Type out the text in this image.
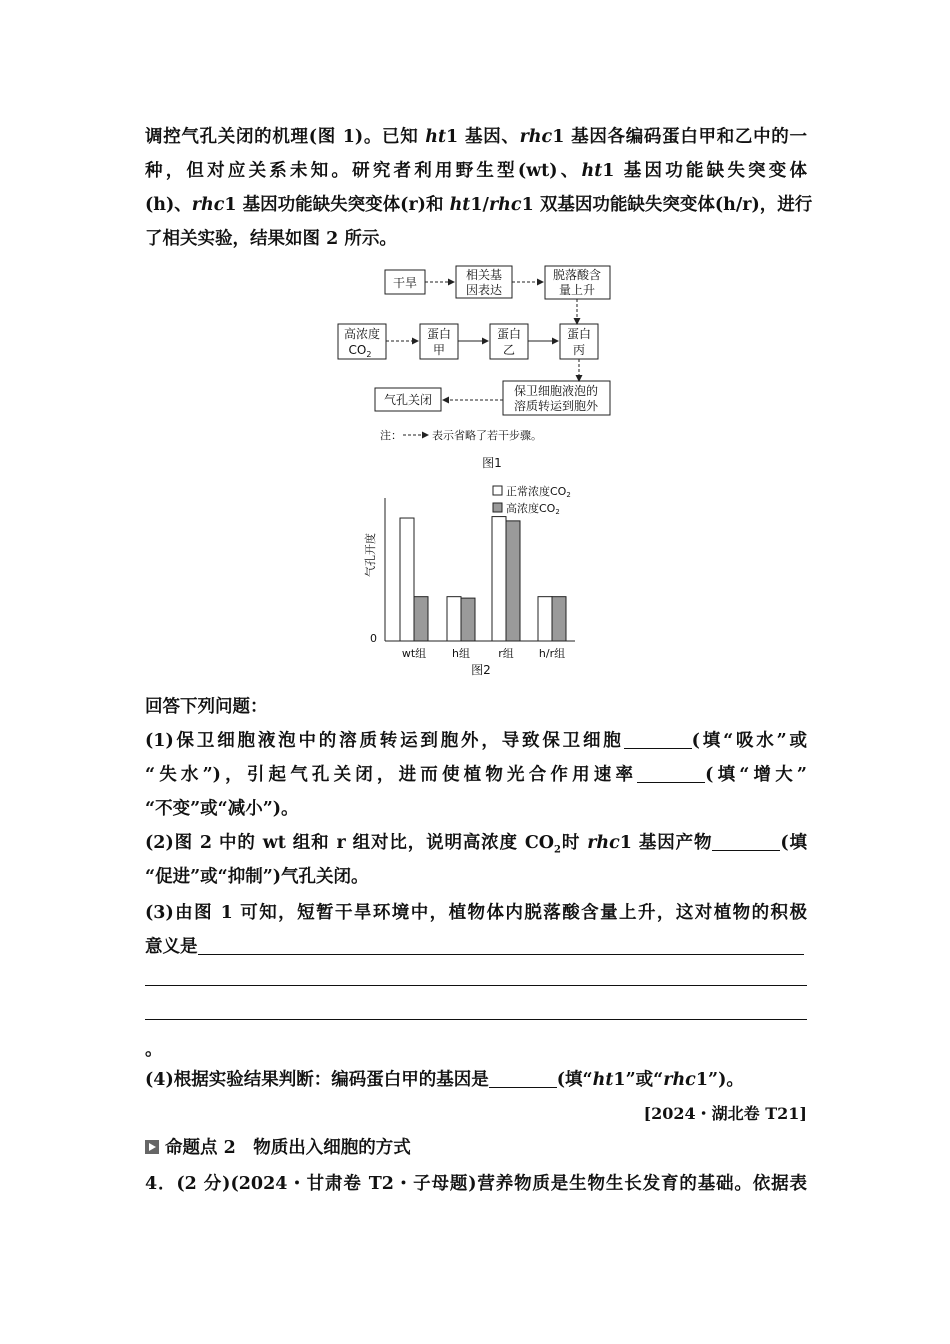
调控气孔关闭的机理(图 1)。已知 ht1 基因、rhc1 基因各编码蛋白甲和乙中的一
种，但对应关系未知。研究者利用野生型(wt)、ht1 基因功能缺失突变体
(h)、rhc1 基因功能缺失突变体(r)和 ht1/rhc1 双基因功能缺失突变体(h/r)，进行
了相关实验，结果如图 2 所示。
干旱
相关基
因表达
脱落酸含
量上升
高浓度
$CO_2$
蛋白
甲
蛋白
乙
蛋白
丙
保卫细胞液泡的
溶质转运到胞外
气孔关闭
注：	表示省略了若干步骤。
图1
0
气孔开度
正常浓度CO2
高浓度CO2
wt组 h组	r组 h/r组
图2
回答下列问题：
(1)保卫细胞液泡中的溶质转运到胞外，导致保卫细胞	(填“吸水”或
“失水”)，引起气孔关闭，进而使植物光合作用速率	(填“增大”
“不变”或“减小”)。
(2)图 2 中的 wt 组和 r 组对比，说明高浓度 $CO_2$时 rhc1 基因产物	(填
“促进”或“抑制”)气孔关闭。
(3)由图 1 可知，短暂干旱环境中，植物体内脱落酸含量上升，这对植物的积极
意义是
。
(4)根据实验结果判断：编码蛋白甲的基因是	(填“ht1”或“rhc1”)。
[2024・湖北卷 T21]
命题点 2　物质出入细胞的方式
4．(2 分)(2024・甘肃卷 T2・子母题)营养物质是生物生长发育的基础。依据表
